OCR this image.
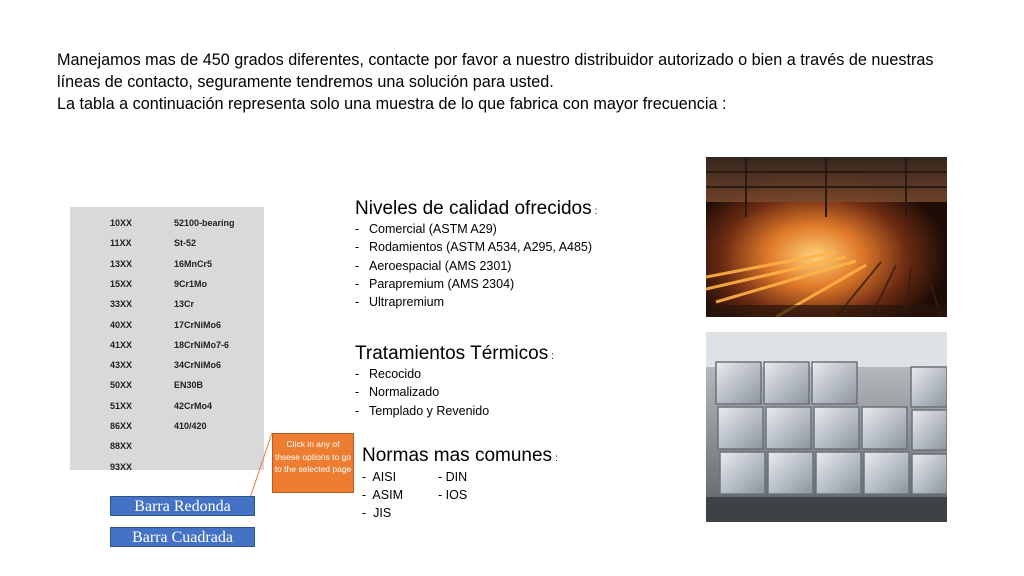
Manejamos mas de 450 grados diferentes, contacte por favor a nuestro distribuidor autorizado o bien a través de nuestras líneas de contacto, seguramente tendremos una solución para usted.

La tabla a continuación representa solo una muestra de lo que fabrica con mayor frecuencia :

10XX	52100-bearing
11XX	St-52
13XX	16MnCr5
15XX	9Cr1Mo
33XX	13Cr
40XX	17CrNiMo6
41XX	18CrNiMo7-6
43XX	34CrNiMo6
50XX	EN30B
51XX	42CrMo4
86XX	410/420
88XX
93XX
Niveles de calidad ofrecidos :
- Comercial (ASTM A29)
- Rodamientos (ASTM A534, A295, A485)
- Aeroespacial (AMS 2301)
- Parapremium (AMS 2304)
- Ultrapremium
Tratamientos Térmicos :
- Recocido
- Normalizado
- Templado y Revenido
Normas mas comunes :
-  AISI	- DIN
-  ASIM	- IOS
-  JIS
Click in any of thsese options to go to the selected page
Barra Redonda
Barra Cuadrada
